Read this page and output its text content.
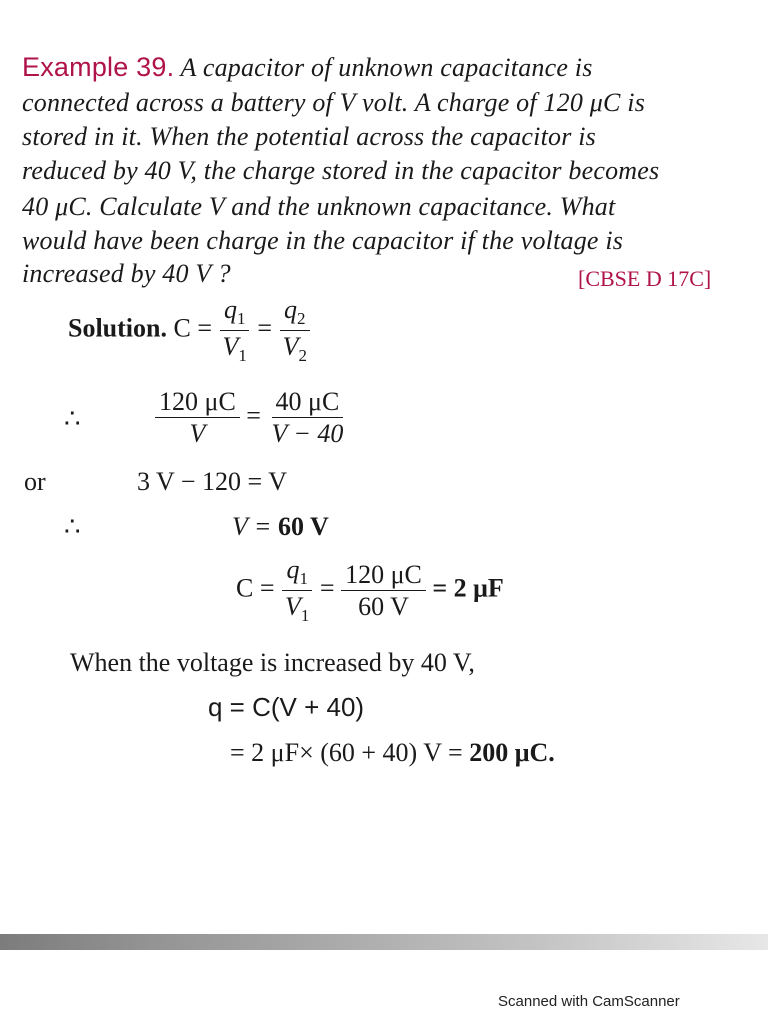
Example 39. A capacitor of unknown capacitance is
connected across a battery of V volt. A charge of 120 μC is
stored in it. When the potential across the capacitor is
reduced by 40 V, the charge stored in the capacitor becomes
40 μC. Calculate V and the unknown capacitance. What
would have been charge in the capacitor if the voltage is
increased by 40 V ?	[CBSE D 17C]
Solution. $C = \frac{q_1}{V_1} = \frac{q_2}{V_2}$
∴	$\frac{120 \mu C}{V} = \frac{40 \mu C}{V - 40}$
or	3 V − 120 = V
∴	V = 60 V
$C = \frac{q_1}{V_1} = \frac{120 \mu C}{60 V} = 2$ μF
When the voltage is increased by 40 V,
q = C(V + 40)
= 2 μF× (60 + 40) V = 200 μC.
Scanned with CamScanner
